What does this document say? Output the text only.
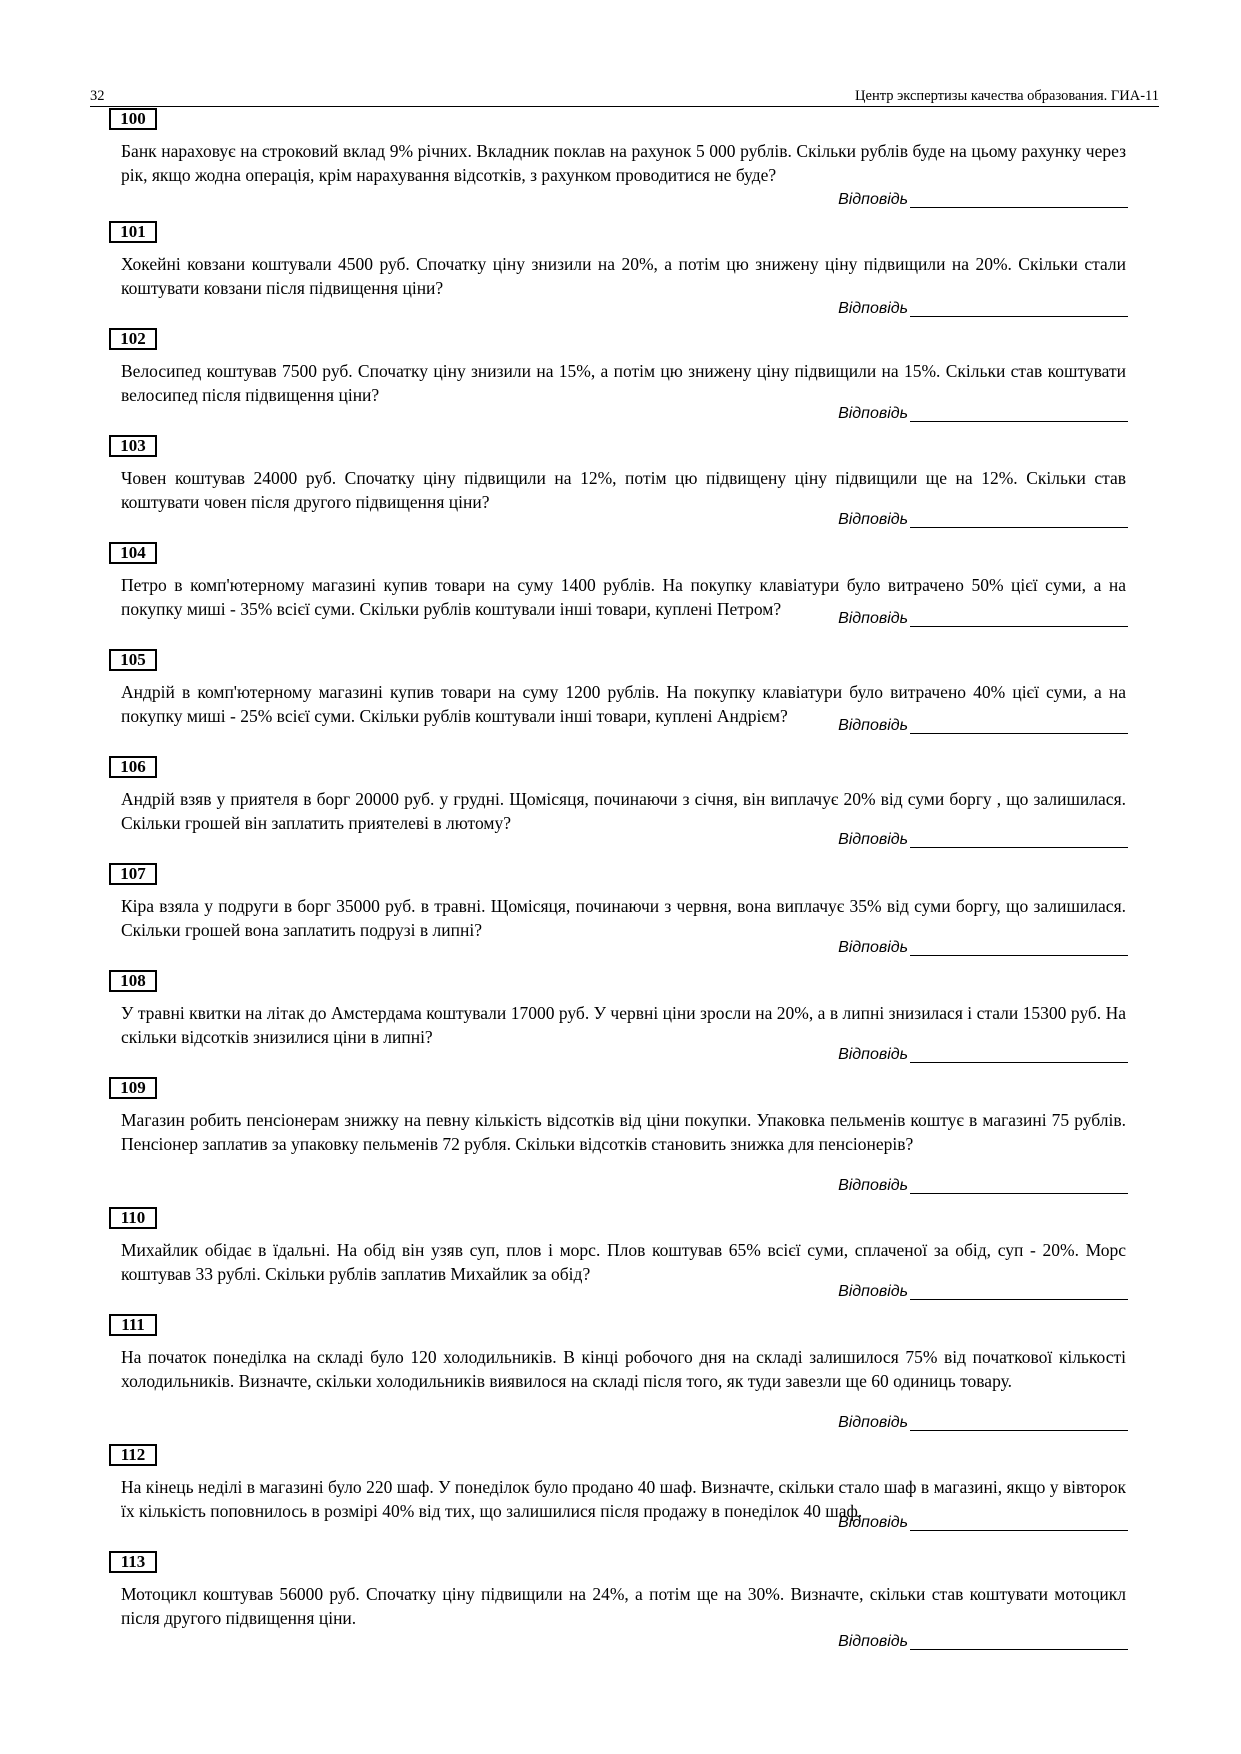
32	Центр экспертизы качества образования. ГИА-11
100

Банк нараховує на строковий вклад 9% річних. Вкладник поклав на рахунок 5 000 рублів. Скільки рублів буде на цьому рахунку через рік, якщо жодна операція, крім нарахування відсотків, з рахунком проводитися не буде?

Відповідь
101

Хокейні ковзани коштували 4500 руб. Спочатку ціну знизили на 20%, а потім цю знижену ціну підвищили на 20%. Скільки стали коштувати ковзани після підвищення ціни?

Відповідь
102

Велосипед коштував 7500 руб. Спочатку ціну знизили на 15%, а потім цю знижену ціну підвищили на 15%. Скільки став коштувати велосипед після підвищення ціни?

Відповідь
103

Човен коштував 24000 руб. Спочатку ціну підвищили на 12%, потім цю підвищену ціну підвищили ще на 12%. Скільки став коштувати човен після другого підвищення ціни?

Відповідь
104

Петро в комп'ютерному магазині купив товари на суму 1400 рублів. На покупку клавіатури було витрачено 50% цієї суми, а на покупку миші - 35% всієї суми. Скільки рублів коштували інші товари, куплені Петром?	Відповідь
105

Андрій в комп'ютерному магазині купив товари на суму 1200 рублів. На покупку клавіатури було витрачено 40% цієї суми, а на покупку миші - 25% всієї суми. Скільки рублів коштували інші товари, куплені Андрієм?	Відповідь
106

Андрій взяв у приятеля в борг 20000 руб. у грудні. Щомісяця, починаючи з січня, він виплачує 20% від суми боргу , що залишилася. Скільки грошей він заплатить приятелеві в лютому?

Відповідь
107

Кіра взяла у подруги в борг 35000 руб. в травні. Щомісяця, починаючи з червня, вона виплачує 35% від суми боргу, що залишилася. Скільки грошей вона заплатить подрузі в липні?

Відповідь
108

У травні квитки на літак до Амстердама коштували 17000 руб. У червні ціни зросли на 20%, а в липні знизилася і стали 15300 руб. На скільки відсотків знизилися ціни в липні?

Відповідь
109

Магазин робить пенсіонерам знижку на певну кількість відсотків від ціни покупки. Упаковка пельменів коштує в магазині 75 рублів. Пенсіонер заплатив за упаковку пельменів 72 рубля. Скільки відсотків становить знижка для пенсіонерів?

Відповідь
110

Михайлик обідає в їдальні. На обід він узяв суп, плов і морс. Плов коштував 65% всієї суми, сплаченої за обід, суп - 20%. Морс коштував 33 рублі. Скільки рублів заплатив Михайлик за обід?

Відповідь
111

На початок понеділка на складі було 120 холодильників. В кінці робочого дня на складі залишилося 75% від початкової кількості холодильників. Визначте, скільки холодильників виявилося на складі після того, як туди завезли ще 60 одиниць товару.

Відповідь
112

На кінець неділі в магазині було 220 шаф. У понеділок було продано 40 шаф. Визначте, скільки стало шаф в магазині, якщо у вівторок їх кількість поповнилось в розмірі 40% від тих, що залишилися після продажу в понеділок 40 шаф.

Відповідь
113

Мотоцикл коштував 56000 руб. Спочатку ціну підвищили на 24%, а потім ще на 30%. Визначте, скільки став коштувати мотоцикл після другого підвищення ціни.

Відповідь
